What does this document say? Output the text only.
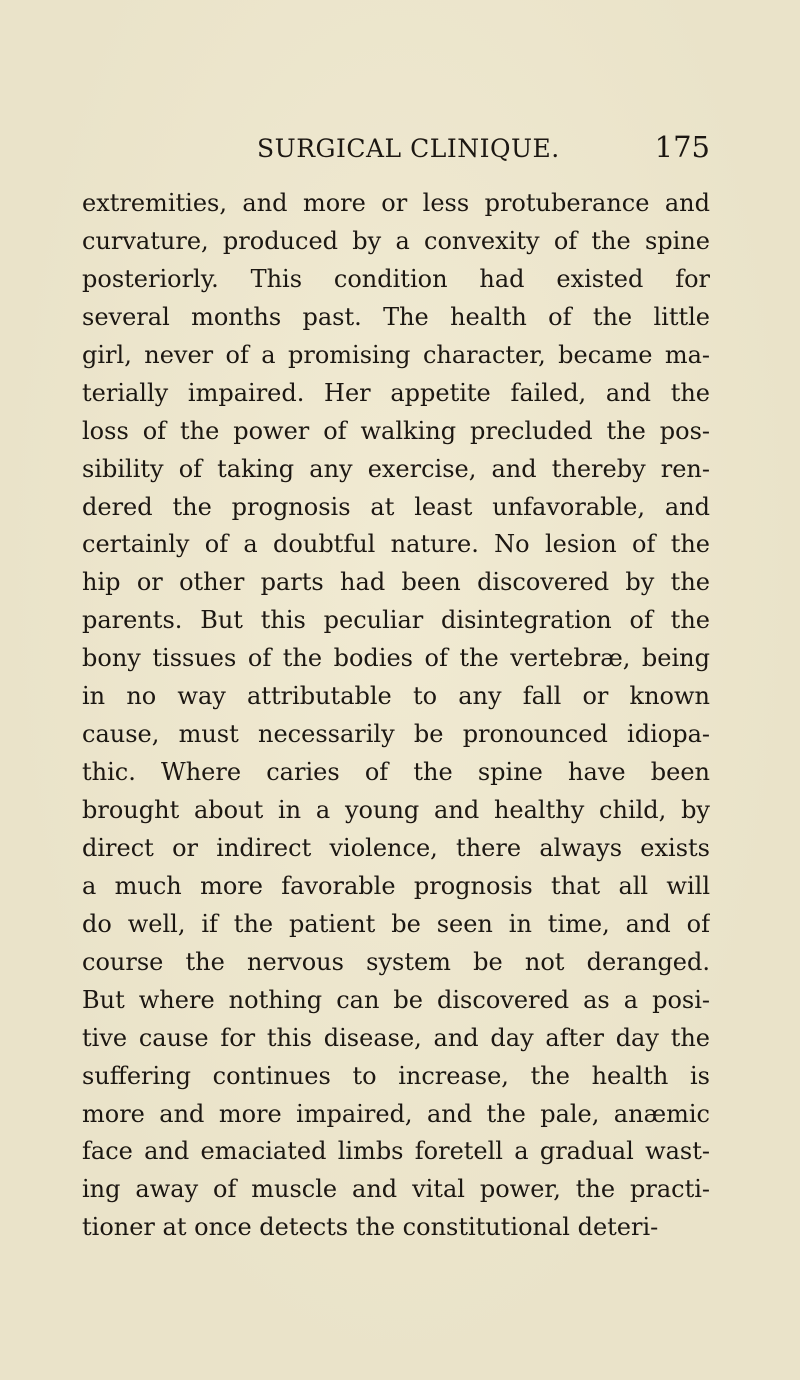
SURGICAL CLINIQUE.	175
extremities, and more or less protuberance and
curvature, produced by a convexity of the spine
posteriorly. This condition had existed for
several months past. The health of the little
girl, never of a promising character, became ma-
terially impaired. Her appetite failed, and the
loss of the power of walking precluded the pos-
sibility of taking any exercise, and thereby ren-
dered the prognosis at least unfavorable, and
certainly of a doubtful nature. No lesion of the
hip or other parts had been discovered by the
parents. But this peculiar disintegration of the
bony tissues of the bodies of the vertebræ, being
in no way attributable to any fall or known
cause, must necessarily be pronounced idiopa-
thic. Where caries of the spine have been
brought about in a young and healthy child, by
direct or indirect violence, there always exists
a much more favorable prognosis that all will
do well, if the patient be seen in time, and of
course the nervous system be not deranged.
But where nothing can be discovered as a posi-
tive cause for this disease, and day after day the
suffering continues to increase, the health is
more and more impaired, and the pale, anæmic
face and emaciated limbs foretell a gradual wast-
ing away of muscle and vital power, the practi-
tioner at once detects the constitutional deteri-
